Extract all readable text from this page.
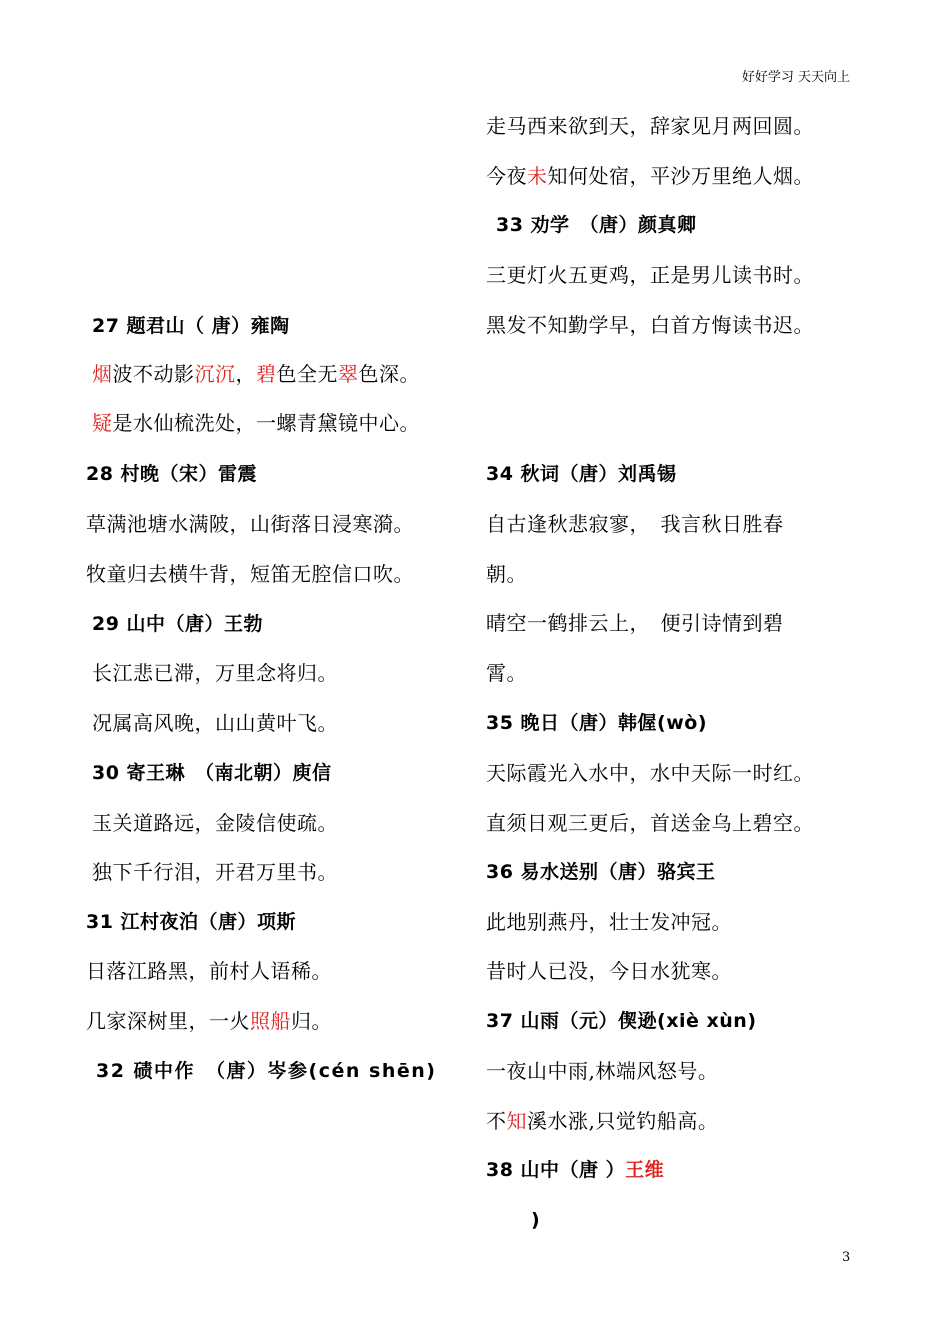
好好学习 天天向上
27 题君山（ 唐）雍陶
烟波不动影沉沉，碧色全无翠色深。
疑是水仙梳洗处，一螺青黛镜中心。
28 村晚（宋）雷震
草满池塘水满陂，山街落日浸寒漪。
牧童归去横牛背，短笛无腔信口吹。
29 山中（唐）王勃
长江悲已滞，万里念将归。
况属高风晚，山山黄叶飞。
30 寄王琳　（南北朝）庾信
玉关道路远，金陵信使疏。
独下千行泪，开君万里书。
31 江村夜泊（唐）项斯
日落江路黑，前村人语稀。
几家深树里，一火照船归。
32 碛中作　（唐）岑参(cén shēn)
走马西来欲到天，辞家见月两回圆。
今夜未知何处宿，平沙万里绝人烟。
33 劝学　（唐）颜真卿
三更灯火五更鸡，正是男儿读书时。
黑发不知勤学早，白首方悔读书迟。
34 秋词（唐）刘禹锡
自古逢秋悲寂寥，　我言秋日胜春
朝。
晴空一鹤排云上，　便引诗情到碧
霄。
35 晚日（唐）韩偓(wò)
天际霞光入水中，水中天际一时红。
直须日观三更后，首送金乌上碧空。
36 易水送别（唐）骆宾王
此地别燕丹，壮士发冲冠。
昔时人已没，今日水犹寒。
37 山雨（元）偰逊(xiè xùn)
一夜山中雨,林端风怒号。
不知溪水涨,只觉钓船高。
38 山中（唐 ）王维
)
3
